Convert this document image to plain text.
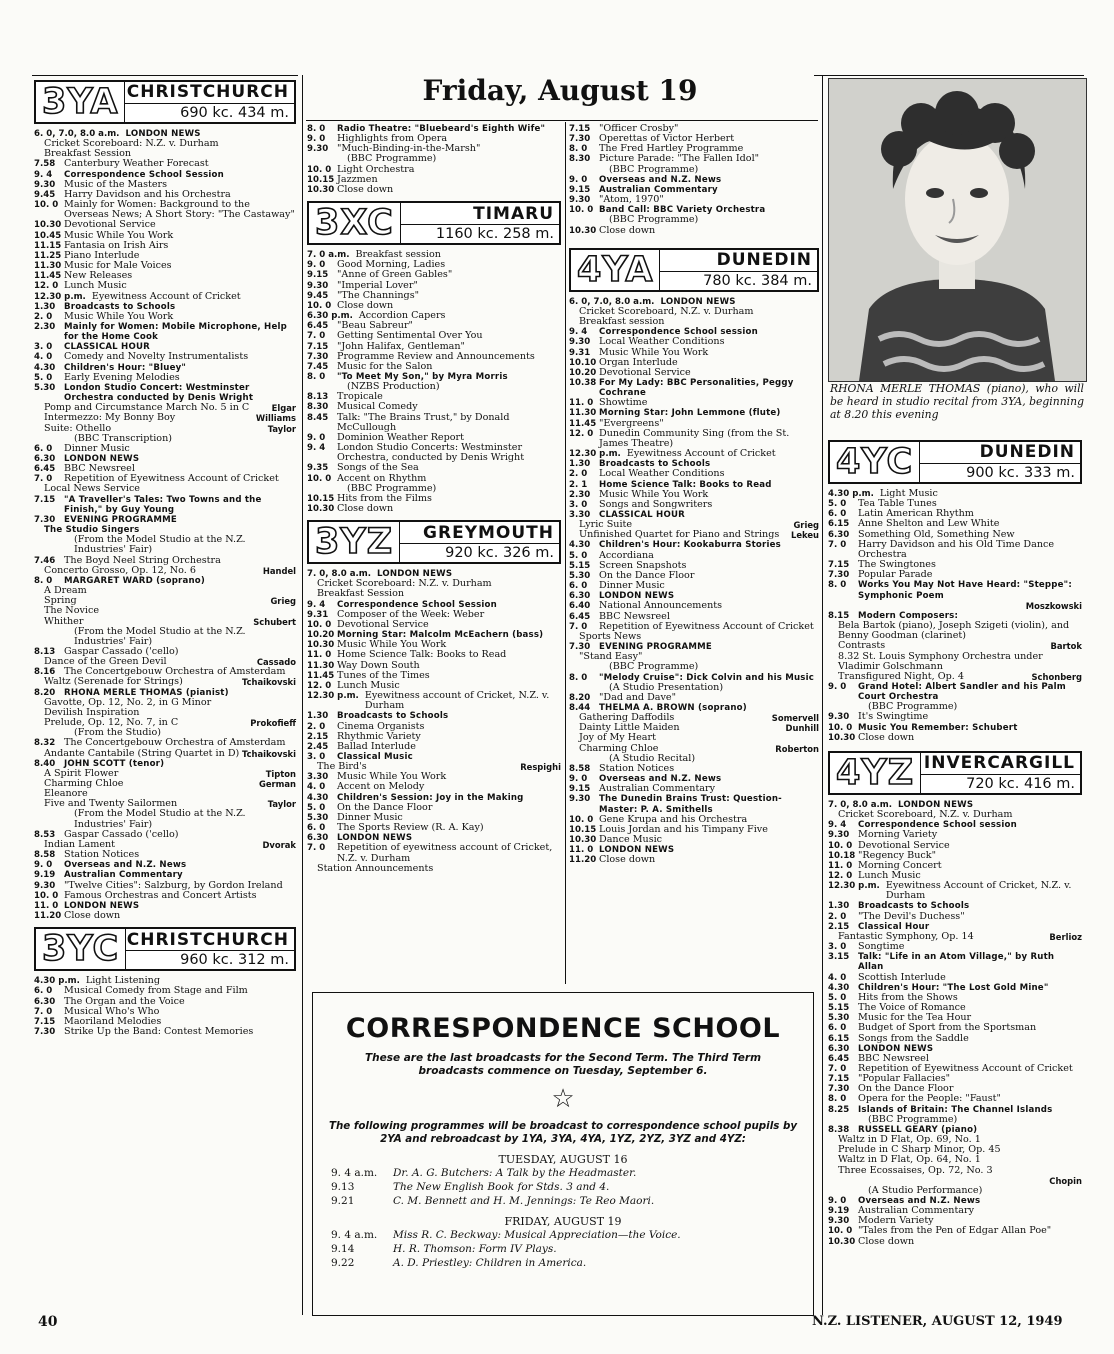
Friday, August 19
3YA CHRISTCHURCH
690 kc. 434 m.
6. 0, 7.0, 8.0 a.m. LONDON NEWS
Cricket Scoreboard: N.Z. v. Durham
Breakfast Session
7.58 Canterbury Weather Forecast
9. 4	Correspondence School Session
9.30 Music of the Masters
9.45 Harry Davidson and his Orchestra
10. 0 Mainly for Women: Background to the Overseas News; A Short Story: "The Castaway"
10.30 Devotional Service
10.45 Music While You Work
11.15 Fantasia on Irish Airs
11.25 Piano Interlude
11.30 Music for Male Voices
11.45 New Releases
12. 0 Lunch Music
12.30 p.m. Eyewitness Account of Cricket
1.30	Broadcasts to Schools
2. 0	Music While You Work
2.30	Mainly for Women: Mobile Microphone, Help for the Home Cook
3. 0	CLASSICAL HOUR
4. 0	Comedy and Novelty Instrumentalists
4.30	Children's Hour: "Bluey"
5. 0	Early Evening Melodies
5.30	London Studio Concert: Westminster Orchestra conducted by Denis Wright
Pomp and Circumstance March No. 5 in C	Elgar
Intermezzo: My Bonny Boy	Williams
Suite: Othello	Taylor
(BBC Transcription)
6. 0	Dinner Music
6.30	LONDON NEWS
6.45 BBC Newsreel
7. 0	Repetition of Eyewitness Account of Cricket
Local News Service
7.15	"A Traveller's Tales: Two Towns and the Finish," by Guy Young
7.30	EVENING PROGRAMME
The Studio Singers
(From the Model Studio at the N.Z. Industries' Fair)
7.46 The Boyd Neel String Orchestra
Concerto Grosso, Op. 12, No. 6	Handel
8. 0	MARGARET WARD (soprano)
A Dream
Spring	Grieg
The Novice
Whither	Schubert
(From the Model Studio at the N.Z. Industries' Fair)
8.13 Gaspar Cassado ('cello)
Dance of the Green Devil	Cassado
8.16 The Concertgebouw Orchestra of Amsterdam
Waltz (Serenade for Strings)	Tchaikovski
8.20	RHONA MERLE THOMAS (pianist)
Gavotte, Op. 12, No. 2, in G Minor
Devilish Inspiration
Prelude, Op. 12, No. 7, in C	Prokofieff
(From the Studio)
8.32 The Concertgebouw Orchestra of Amsterdam
Andante Cantabile (String Quartet in D) Tchaikovski
8.40	JOHN SCOTT (tenor)
A Spirit Flower	Tipton
Charming Chloe	German
Eleanore
Five and Twenty Sailormen	Taylor
(From the Model Studio at the N.Z. Industries' Fair)
8.53 Gaspar Cassado ('cello)
Indian Lament	Dvorak
8.58 Station Notices
9. 0	Overseas and N.Z. News
9.19	Australian Commentary
9.30 "Twelve Cities": Salzburg, by Gordon Ireland
10. 0 Famous Orchestras and Concert Artists
11. 0 LONDON NEWS
11.20 Close down
3YC CHRISTCHURCH
960 kc. 312 m.
4.30 p.m. Light Listening
6. 0	Musical Comedy from Stage and Film
6.30 The Organ and the Voice
7. 0	Musical Who's Who
7.15 Maoriland Melodies
7.30 Strike Up the Band: Contest Memories
8. 0	Radio Theatre: "Bluebeard's Eighth Wife"
9. 0	Highlights from Opera
9.30 "Much-Binding-in-the-Marsh"
(BBC Programme)
10. 0 Light Orchestra
10.15 Jazzmen
10.30 Close down
3XC	TIMARU
1160 kc. 258 m.
7. 0 a.m. Breakfast session
9. 0	Good Morning, Ladies
9.15 "Anne of Green Gables"
9.30 "Imperial Lover"
9.45 "The Channings"
10. 0 Close down
6.30 p.m. Accordion Capers
6.45 "Beau Sabreur"
7. 0	Getting Sentimental Over You
7.15 "John Halifax, Gentleman"
7.30 Programme Review and Announcements
7.45 Music for the Salon
8. 0	"To Meet My Son," by Myra Morris
(NZBS Production)
8.13 Tropicale
8.30 Musical Comedy
8.45 Talk: "The Brains Trust," by Donald McCullough
9. 0	Dominion Weather Report
9. 4	London Studio Concerts: Westminster Orchestra, conducted by Denis Wright
9.35 Songs of the Sea
10. 0 Accent on Rhythm
(BBC Programme)
10.15 Hits from the Films
10.30 Close down
3YZ	GREYMOUTH
920 kc. 326 m.
7. 0, 8.0 a.m. LONDON NEWS
Cricket Scoreboard: N.Z. v. Durham
Breakfast Session
9. 4	Correspondence School Session
9.31 Composer of the Week: Weber
10. 0 Devotional Service
10.20 Morning Star: Malcolm McEachern (bass)
10.30 Music While You Work
11. 0 Home Science Talk: Books to Read
11.30 Way Down South
11.45 Tunes of the Times
12. 0 Lunch Music
12.30 p.m. Eyewitness account of Cricket, N.Z. v. Durham
1.30	Broadcasts to Schools
2. 0	Cinema Organists
2.15 Rhythmic Variety
2.45 Ballad Interlude
3. 0	Classical Music
The Bird's	Respighi
3.30 Music While You Work
4. 0	Accent on Melody
4.30	Children's Session: Joy in the Making
5. 0	On the Dance Floor
5.30 Dinner Music
6. 0	The Sports Review (R. A. Kay)
6.30	LONDON NEWS
7. 0	Repetition of eyewitness account of Cricket, N.Z. v. Durham
Station Announcements
7.15 "Officer Crosby"
7.30 Operettas of Victor Herbert
8. 0	The Fred Hartley Programme
8.30 Picture Parade: "The Fallen Idol"
(BBC Programme)
9. 0	Overseas and N.Z. News
9.15	Australian Commentary
9.30 "Atom, 1970"
10. 0 Band Call: BBC Variety Orchestra
(BBC Programme)
10.30 Close down
4YA	DUNEDIN
780 kc. 384 m.
6. 0, 7.0, 8.0 a.m. LONDON NEWS
Cricket Scoreboard, N.Z. v. Durham
Breakfast session
9. 4	Correspondence School session
9.30 Local Weather Conditions
9.31 Music While You Work
10.10 Organ Interlude
10.20 Devotional Service
10.38 For My Lady: BBC Personalities, Peggy Cochrane
11. 0 Showtime
11.30 Morning Star: John Lemmone (flute)
11.45 "Evergreens"
12. 0 Dunedin Community Sing (from the St. James Theatre)
12.30 p.m. Eyewitness Account of Cricket
1.30	Broadcasts to Schools
2. 0	Local Weather Conditions
2. 1	Home Science Talk: Books to Read
2.30 Music While You Work
3. 0	Songs and Songwriters
3.30	CLASSICAL HOUR
Lyric Suite	Grieg
Unfinished Quartet for Piano and Strings Lekeu
4.30	Children's Hour: Kookaburra Stories
5. 0	Accordiana
5.15 Screen Snapshots
5.30 On the Dance Floor
6. 0	Dinner Music
6.30	LONDON NEWS
6.40 National Announcements
6.45 BBC Newsreel
7. 0	Repetition of Eyewitness Account of Cricket
Sports News
7.30	EVENING PROGRAMME
"Stand Easy"
(BBC Programme)
8. 0	"Melody Cruise": Dick Colvin and his Music
(A Studio Presentation)
8.20 "Dad and Dave"
8.44	THELMA A. BROWN (soprano)
Gathering Daffodils	Somervell
Dainty Little Maiden	Dunhill
Joy of My Heart
Charming Chloe	Roberton
(A Studio Recital)
8.58 Station Notices
9. 0	Overseas and N.Z. News
9.15 Australian Commentary
9.30	The Dunedin Brains Trust: Question-Master: P. A. Smithells
10. 0 Gene Krupa and his Orchestra
10.15 Louis Jordan and his Timpany Five
10.30 Dance Music
11. 0 LONDON NEWS
11.20 Close down
RHONA MERLE THOMAS (piano), who will be heard in studio recital from 3YA, beginning at 8.20 this evening
4YC	DUNEDIN
900 kc. 333 m.
4.30 p.m. Light Music
5. 0	Tea Table Tunes
6. 0	Latin American Rhythm
6.15 Anne Shelton and Lew White
6.30 Something Old, Something New
7. 0	Harry Davidson and his Old Time Dance Orchestra
7.15 The Swingtones
7.30 Popular Parade
8. 0	Works You May Not Have Heard: "Steppe": Symphonic Poem
Moszkowski
8.15	Modern Composers:
Bela Bartok (piano), Joseph Szigeti (violin), and Benny Goodman (clarinet)
Contrasts	Bartok
8.32 St. Louis Symphony Orchestra under Vladimir Golschmann
Transfigured Night, Op. 4	Schonberg
9. 0	Grand Hotel: Albert Sandler and his Palm Court Orchestra
(BBC Programme)
9.30 It's Swingtime
10. 0 Music You Remember: Schubert
10.30 Close down
4YZ INVERCARGILL
720 kc. 416 m.
7. 0, 8.0 a.m. LONDON NEWS
Cricket Scoreboard, N.Z. v. Durham
9. 4	Correspondence School session
9.30 Morning Variety
10. 0 Devotional Service
10.18 "Regency Buck"
11. 0 Morning Concert
12. 0 Lunch Music
12.30 p.m. Eyewitness Account of Cricket, N.Z. v. Durham
1.30	Broadcasts to Schools
2. 0	"The Devil's Duchess"
2.15	Classical Hour
Fantastic Symphony, Op. 14	Berlioz
3. 0	Songtime
3.15	Talk: "Life in an Atom Village," by Ruth Allan
4. 0	Scottish Interlude
4.30	Children's Hour: "The Lost Gold Mine"
5. 0	Hits from the Shows
5.15 The Voice of Romance
5.30 Music for the Tea Hour
6. 0	Budget of Sport from the Sportsman
6.15 Songs from the Saddle
6.30	LONDON NEWS
6.45 BBC Newsreel
7. 0	Repetition of Eyewitness Account of Cricket
7.15 "Popular Fallacies"
7.30 On the Dance Floor
8. 0	Opera for the People: "Faust"
8.25	Islands of Britain: The Channel Islands
(BBC Programme)
8.38	RUSSELL GEARY (piano)
Waltz in D Flat, Op. 69, No. 1
Prelude in C Sharp Minor, Op. 45
Waltz in D Flat, Op. 64, No. 1
Three Ecossaises, Op. 72, No. 3
Chopin
(A Studio Performance)
9. 0	Overseas and N.Z. News
9.19 Australian Commentary
9.30 Modern Variety
10. 0 "Tales from the Pen of Edgar Allan Poe"
10.30 Close down
CORRESPONDENCE SCHOOL
These are the last broadcasts for the Second Term. The Third Term broadcasts commence on Tuesday, September 6.
☆
The following programmes will be broadcast to correspondence school pupils by 2YA and rebroadcast by 1YA, 3YA, 4YA, 1YZ, 2YZ, 3YZ and 4YZ:
TUESDAY, AUGUST 16
9. 4 a.m. Dr. A. G. Butchers: A Talk by the Headmaster.
9.13	The New English Book for Stds. 3 and 4.
9.21	C. M. Bennett and H. M. Jennings: Te Reo Maori.
FRIDAY, AUGUST 19
9. 4 a.m. Miss R. C. Beckway: Musical Appreciation—the Voice.
9.14	H. R. Thomson: Form IV Plays.
9.22	A. D. Priestley: Children in America.
40	N.Z. LISTENER, AUGUST 12, 1949
